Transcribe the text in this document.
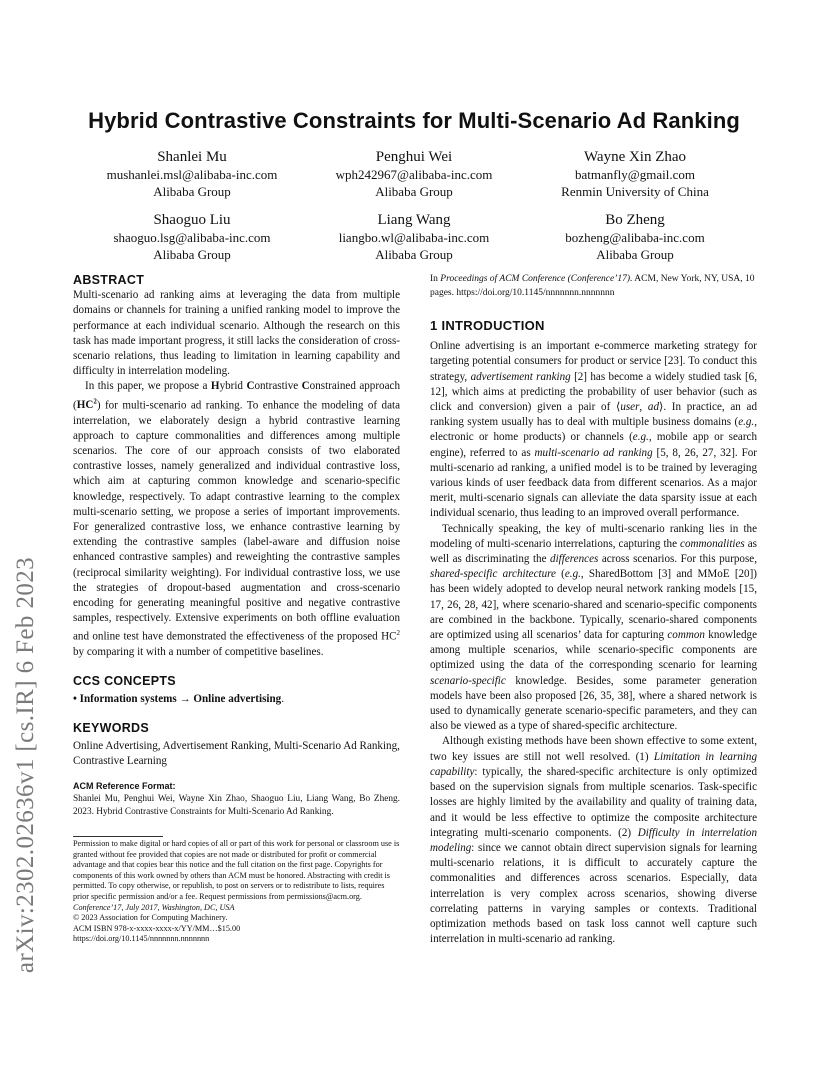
arXiv:2302.02636v1 [cs.IR] 6 Feb 2023
Hybrid Contrastive Constraints for Multi-Scenario Ad Ranking
Shanlei Mu
mushanlei.msl@alibaba-inc.com
Alibaba Group
Penghui Wei
wph242967@alibaba-inc.com
Alibaba Group
Wayne Xin Zhao
batmanfly@gmail.com
Renmin University of China
Shaoguo Liu
shaoguo.lsg@alibaba-inc.com
Alibaba Group
Liang Wang
liangbo.wl@alibaba-inc.com
Alibaba Group
Bo Zheng
bozheng@alibaba-inc.com
Alibaba Group
ABSTRACT

Multi-scenario ad ranking aims at leveraging the data from multiple domains or channels for training a unified ranking model to improve the performance at each individual scenario. Although the research on this task has made important progress, it still lacks the consideration of cross-scenario relations, thus leading to limitation in learning capability and difficulty in interrelation modeling.

In this paper, we propose a Hybrid Contrastive Constrained approach $(HC^2)$ for multi-scenario ad ranking. To enhance the modeling of data interrelation, we elaborately design a hybrid contrastive learning approach to capture commonalities and differences among multiple scenarios. The core of our approach consists of two elaborated contrastive losses, namely generalized and individual contrastive loss, which aim at capturing common knowledge and scenario-specific knowledge, respectively. To adapt contrastive learning to the complex multi-scenario setting, we propose a series of important improvements. For generalized contrastive loss, we enhance contrastive learning by extending the contrastive samples (label-aware and diffusion noise enhanced contrastive samples) and reweighting the contrastive samples (reciprocal similarity weighting). For individual contrastive loss, we use the strategies of dropout-based augmentation and cross-scenario encoding for generating meaningful positive and negative contrastive samples, respectively. Extensive experiments on both offline evaluation and online test have demonstrated the effectiveness of the proposed $HC^2$ by comparing it with a number of competitive baselines.

CCS CONCEPTS

• Information systems → Online advertising.

KEYWORDS

Online Advertising, Advertisement Ranking, Multi-Scenario Ad Ranking, Contrastive Learning

ACM Reference Format:
Shanlei Mu, Penghui Wei, Wayne Xin Zhao, Shaoguo Liu, Liang Wang, Bo Zheng. 2023. Hybrid Contrastive Constraints for Multi-Scenario Ad Ranking.
Permission to make digital or hard copies of all or part of this work for personal or classroom use is granted without fee provided that copies are not made or distributed for profit or commercial advantage and that copies bear this notice and the full citation on the first page. Copyrights for components of this work owned by others than ACM must be honored. Abstracting with credit is permitted. To copy otherwise, or republish, to post on servers or to redistribute to lists, requires prior specific permission and/or a fee. Request permissions from permissions@acm.org.
Conference’17, July 2017, Washington, DC, USA
© 2023 Association for Computing Machinery.
ACM ISBN 978-x-xxxx-xxxx-x/YY/MM…$15.00
https://doi.org/10.1145/nnnnnnn.nnnnnnn
In Proceedings of ACM Conference (Conference’17). ACM, New York, NY, USA, 10 pages. https://doi.org/10.1145/nnnnnnn.nnnnnnn
1 INTRODUCTION

Online advertising is an important e-commerce marketing strategy for targeting potential consumers for product or service [23]. To conduct this strategy, advertisement ranking [2] has become a widely studied task [6, 12], which aims at predicting the probability of user behavior (such as click and conversion) given a pair of ⟨user, ad⟩. In practice, an ad ranking system usually has to deal with multiple business domains (e.g., electronic or home products) or channels (e.g., mobile app or search engine), referred to as multi-scenario ad ranking [5, 8, 26, 27, 32]. For multi-scenario ad ranking, a unified model is to be trained by leveraging various kinds of user feedback data from different scenarios. As a major merit, multi-scenario signals can alleviate the data sparsity issue at each individual scenario, thus leading to an improved overall performance.

Technically speaking, the key of multi-scenario ranking lies in the modeling of multi-scenario interrelations, capturing the commonalities as well as discriminating the differences across scenarios. For this purpose, shared-specific architecture (e.g., SharedBottom [3] and MMoE [20]) has been widely adopted to develop neural network ranking models [15, 17, 26, 28, 42], where scenario-shared and scenario-specific components are combined in the backbone. Typically, scenario-shared components are optimized using all scenarios’ data for capturing common knowledge among multiple scenarios, while scenario-specific components are optimized using the data of the corresponding scenario for learning scenario-specific knowledge. Besides, some parameter generation models have been also proposed [26, 35, 38], where a shared network is used to dynamically generate scenario-specific parameters, and they can also be viewed as a type of shared-specific architecture.

Although existing methods have been shown effective to some extent, two key issues are still not well resolved. (1) Limitation in learning capability: typically, the shared-specific architecture is only optimized based on the supervision signals from multiple scenarios. Task-specific losses are highly limited by the availability and quality of training data, and it would be less effective to optimize the composite architecture integrating multi-scenario components. (2) Difficulty in interrelation modeling: since we cannot obtain direct supervision signals for learning multi-scenario relations, it is difficult to accurately capture the commonalities and differences across scenarios. Especially, data interrelation is very complex across scenarios, showing diverse correlating patterns in varying samples or contexts. Traditional optimization methods based on task loss cannot well capture such interrelation in multi-scenario ad ranking.
